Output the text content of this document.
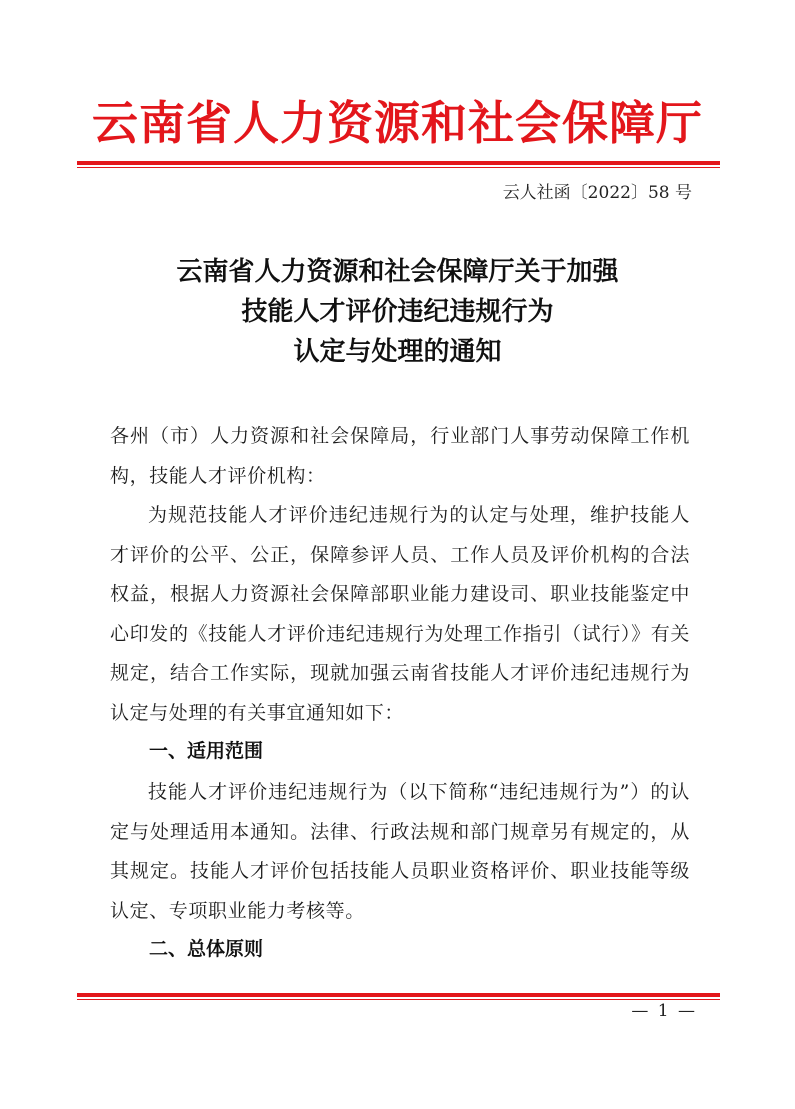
云南省人力资源和社会保障厅
云人社函〔2022〕58 号
云南省人力资源和社会保障厅关于加强
技能人才评价违纪违规行为
认定与处理的通知
各州（市）人力资源和社会保障局，行业部门人事劳动保障工作机构，技能人才评价机构：
为规范技能人才评价违纪违规行为的认定与处理，维护技能人才评价的公平、公正，保障参评人员、工作人员及评价机构的合法权益，根据人力资源社会保障部职业能力建设司、职业技能鉴定中心印发的《技能人才评价违纪违规行为处理工作指引（试行）》有关规定，结合工作实际，现就加强云南省技能人才评价违纪违规行为认定与处理的有关事宜通知如下：
一、适用范围
技能人才评价违纪违规行为（以下简称“违纪违规行为”）的认定与处理适用本通知。法律、行政法规和部门规章另有规定的，从其规定。技能人才评价包括技能人员职业资格评价、职业技能等级认定、专项职业能力考核等。
二、总体原则
— 1 —
